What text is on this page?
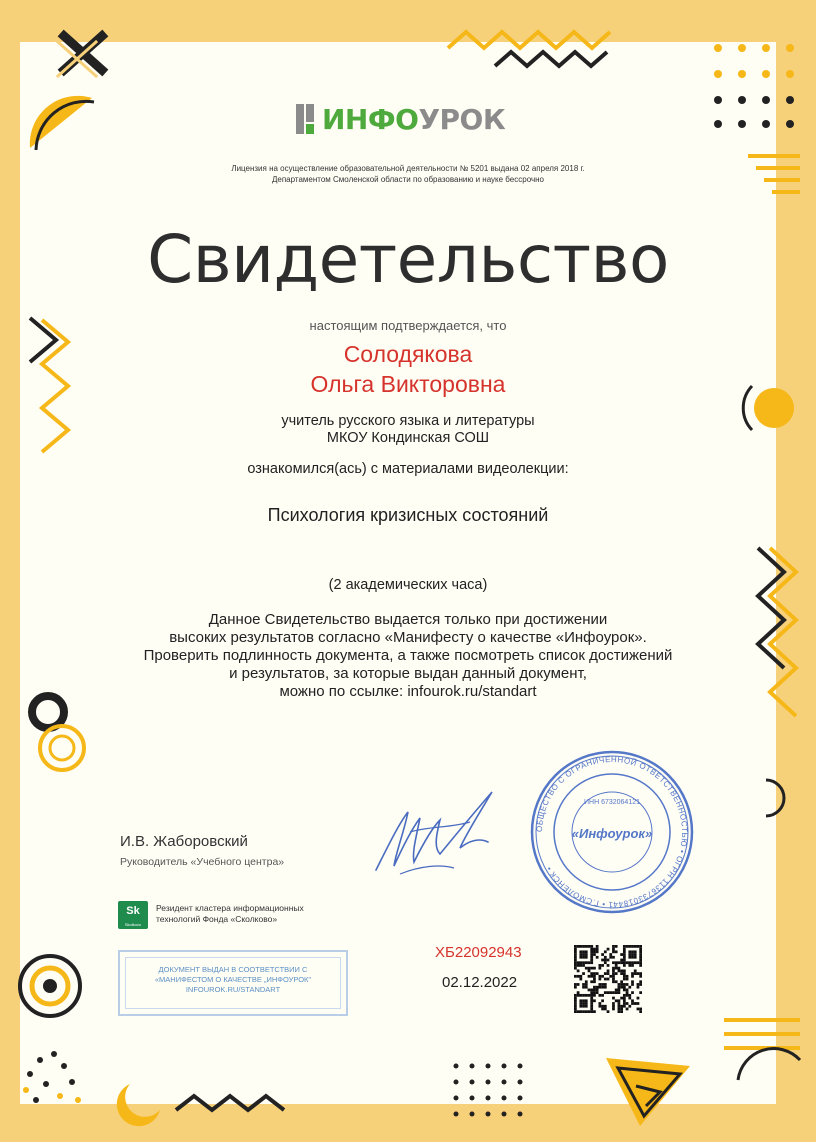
ИНФОУРОК
Лицензия на осуществление образовательной деятельности № 5201 выдана 02 апреля 2018 г.
Департаментом Смоленской области по образованию и науке бессрочно
Свидетельство
настоящим подтверждается, что
Солодякова
Ольга Викторовна
учитель русского языка и литературы
МКОУ Кондинская СОШ
ознакомился(ась) с материалами видеолекции:
Психология кризисных состояний
(2 академических часа)
Данное Свидетельство выдается только при достижении
высоких результатов согласно «Манифесту о качестве «Инфоурок».
Проверить подлинность документа, а также посмотреть список достижений
и результатов, за которые выдан данный документ,
можно по ссылке: infourok.ru/standart
И.В. Жаборовский
Руководитель «Учебного центра»
ОБЩЕСТВО С ОГРАНИЧЕННОЙ ОТВЕТСТВЕННОСТЬЮ • ОГРН 1136733018441 • Г.СМОЛЕНСК •
ИНН 6732064121
«Инфоурок»
Sk
Skolkovo
Резидент кластера информационных
технологий Фонда «Сколково»
ДОКУМЕНТ ВЫДАН В СООТВЕТСТВИИ С
«МАНИФЕСТОМ О КАЧЕСТВЕ „ИНФОУРОК"
INFOUROK.RU/STANDART
ХБ22092943
02.12.2022
